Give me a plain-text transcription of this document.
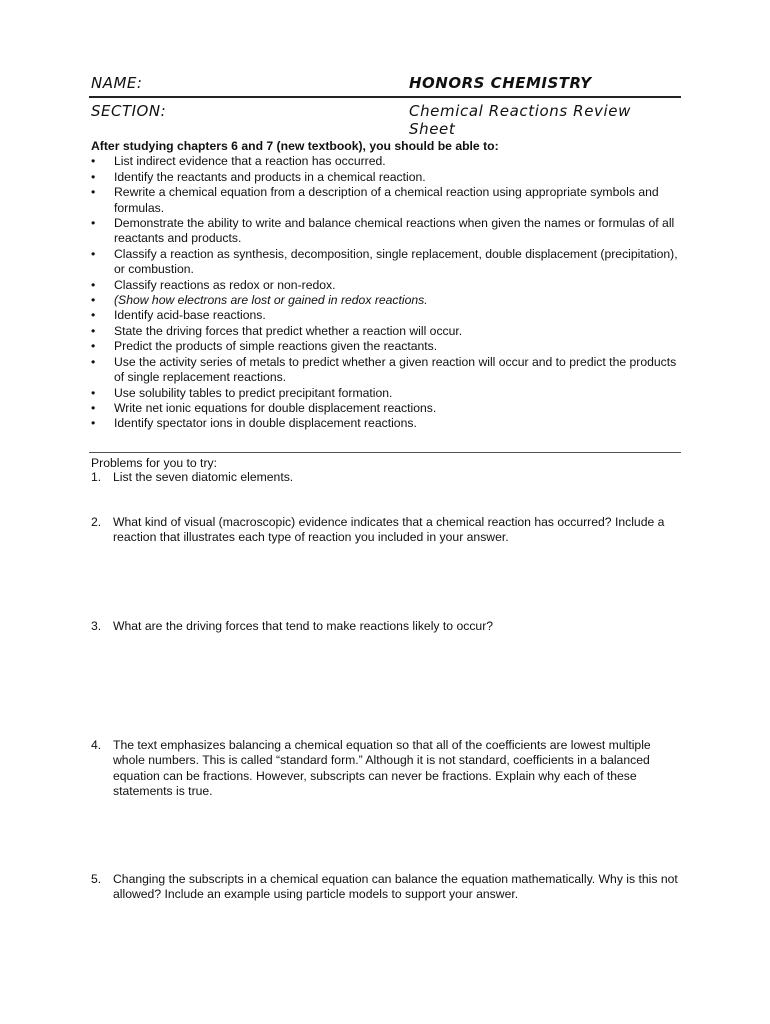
NAME:	HONORS CHEMISTRY
SECTION:	Chemical Reactions Review Sheet

After studying chapters 6 and 7 (new textbook), you should be able to:

•	List indirect evidence that a reaction has occurred.
•	Identify the reactants and products in a chemical reaction.
•	Rewrite a chemical equation from a description of a chemical reaction using appropriate symbols and formulas.
•	Demonstrate the ability to write and balance chemical reactions when given the names or formulas of all reactants and products.
•	Classify a reaction as synthesis, decomposition, single replacement, double displacement (precipitation), or combustion.
•	Classify reactions as redox or non-redox.
•	(Show how electrons are lost or gained in redox reactions.
•	Identify acid-base reactions.
•	State the driving forces that predict whether a reaction will occur.
•	Predict the products of simple reactions given the reactants.
•	Use the activity series of metals to predict whether a given reaction will occur and to predict the products of single replacement reactions.
•	Use solubility tables to predict precipitant formation.
•	Write net ionic equations for double displacement reactions.
•	Identify spectator ions in double displacement reactions.
Problems for you to try:
1. List the seven diatomic elements.
2. What kind of visual (macroscopic) evidence indicates that a chemical reaction has occurred? Include a reaction that illustrates each type of reaction you included in your answer.
3. What are the driving forces that tend to make reactions likely to occur?
4. The text emphasizes balancing a chemical equation so that all of the coefficients are lowest multiple whole numbers. This is called “standard form.” Although it is not standard, coefficients in a balanced equation can be fractions. However, subscripts can never be fractions. Explain why each of these statements is true.
5. Changing the subscripts in a chemical equation can balance the equation mathematically. Why is this not allowed? Include an example using particle models to support your answer.
